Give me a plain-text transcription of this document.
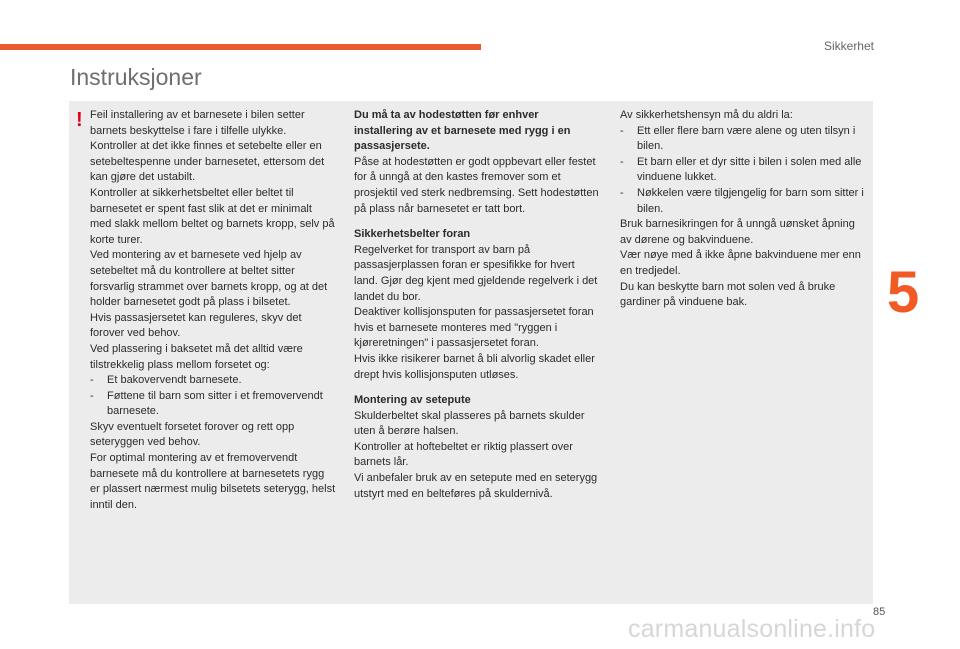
Sikkerhet
Instruksjoner
5
! Feil installering av et barnesete i bilen setter barnets beskyttelse i fare i tilfelle ulykke.

Kontroller at det ikke finnes et setebelte eller en setebeltespenne under barnesetet, ettersom det kan gjøre det ustabilt.

Kontroller at sikkerhetsbeltet eller beltet til barnesetet er spent fast slik at det er minimalt med slakk mellom beltet og barnets kropp, selv på korte turer.

Ved montering av et barnesete ved hjelp av setebeltet må du kontrollere at beltet sitter forsvarlig strammet over barnets kropp, og at det holder barnesetet godt på plass i bilsetet.

Hvis passasjersetet kan reguleres, skyv det forover ved behov.

Ved plassering i baksetet må det alltid være tilstrekkelig plass mellom forsetet og:

- Et bakovervendt barnesete.

- Føttene til barn som sitter i et fremovervendt barnesete.

Skyv eventuelt forsetet forover og rett opp seteryggen ved behov.

For optimal montering av et fremovervendt barnesete må du kontrollere at barnesetets rygg er plassert nærmest mulig bilsetets seterygg, helst inntil den.

Du må ta av hodestøtten før enhver installering av et barnesete med rygg i en passasjersete.

Påse at hodestøtten er godt oppbevart eller festet for å unngå at den kastes fremover som et prosjektil ved sterk nedbremsing. Sett hodestøtten på plass når barnesetet er tatt bort.

Sikkerhetsbelter foran

Regelverket for transport av barn på passasjerplassen foran er spesifikke for hvert land. Gjør deg kjent med gjeldende regelverk i det landet du bor.

Deaktiver kollisjonsputen for passasjersetet foran hvis et barnesete monteres med "ryggen i kjøreretningen" i passasjersetet foran.

Hvis ikke risikerer barnet å bli alvorlig skadet eller drept hvis kollisjonsputen utløses.

Montering av setepute

Skulderbeltet skal plasseres på barnets skulder uten å berøre halsen.

Kontroller at hoftebeltet er riktig plassert over barnets lår.

Vi anbefaler bruk av en setepute med en seterygg utstyrt med en belteføres på skuldernivå.

Av sikkerhetshensyn må du aldri la:

- Ett eller flere barn være alene og uten tilsyn i bilen.

- Et barn eller et dyr sitte i bilen i solen med alle vinduene lukket.

- Nøkkelen være tilgjengelig for barn som sitter i bilen.

Bruk barnesikringen for å unngå uønsket åpning av dørene og bakvinduene.

Vær nøye med å ikke åpne bakvinduene mer enn en tredjedel.

Du kan beskytte barn mot solen ved å bruke gardiner på vinduene bak.

85
carmanualsonline.info
